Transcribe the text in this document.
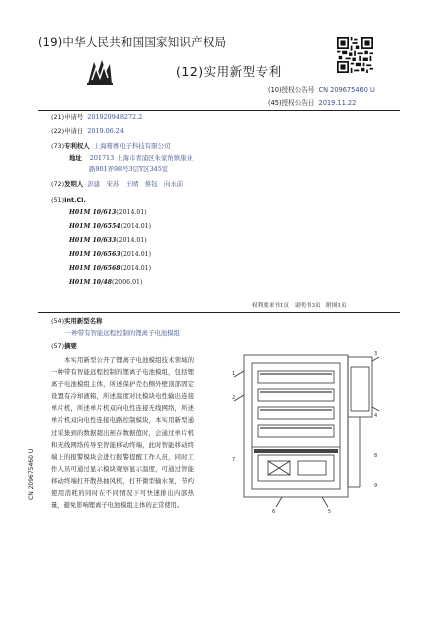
(19)中华人民共和国国家知识产权局
(12)实用新型专利
(10)授权公告号 CN 209675460 U
(45)授权公告日 2019.11.22
(21)申请号 201920948272.2
(22)申请日 2019.06.24
(73)专利权人 上海蓦赛电子科技有限公司
地址 201713 上海市青浦区朱家角镇康业
路901弄98号3层Y区345室
(72)发明人 彭建　宋苏　王晴　蔡钰　向永前
(51)Int.Cl.
H01M 10/613(2014.01)
H01M 10/6554(2014.01)
H01M 10/633(2014.01)
H01M 10/6563(2014.01)
H01M 10/6568(2014.01)
H01M 10/48(2006.01)
权利要求书1页　说明书3页　附图1页
(54)实用新型名称
一种带有智能远程控制的锂离子电池模组
(57)摘要
本实用新型公开了锂离子电池模组技术领域的一种带有智能远程控制的锂离子电池模组，包括锂离子电池模组主体，所述保护壳右侧外壁顶部固定设置有冷却液箱，所述温度对比模块电性输出连接单片机，所述单片机双向电性连接无线网络，所述单片机双向电性连接电路控制模块，本实用新型通过采集到的数据超出预存数据值时，会通过单片机和无线网络传导至智能移动终端，此时智能移动终端上的报警模块会进行报警提醒工作人员，同时工作人员可通过显示模块观察显示温度，可通过智能移动终端打开散热抽风机，打开微型输水泵，节约使用消耗的同时在不同情况下可快速排出内部热量，避免影响锂离子电池模组主体的正常使用。
CN 209675460 U
1
2
3
4
5
6
7
8
9
